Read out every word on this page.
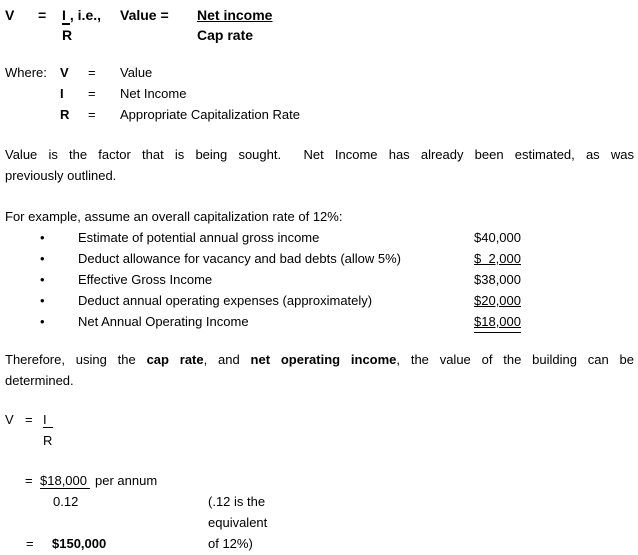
V	=	I , i.e.,
R
Value =	$\frac{\text{Net income}}{\text{Cap rate}}$
Where:	V	=	Value
I	=	Net Income
R	=	Appropriate Capitalization Rate
Value is the factor that is being sought.  Net Income has already been estimated, as was
previously outlined.
For example, assume an overall capitalization rate of 12%:
•	Estimate of potential annual gross income	$40,000
•	Deduct allowance for vacancy and bad debts (allow 5%)	$  2,000
•	Effective Gross Income	$38,000
•	Deduct annual operating expenses (approximately)	$20,000
•	Net Annual Operating Income	$18,000
Therefore, using the cap rate, and net operating income, the value of the building can be
determined.
V = I
R
= $18,000 per annum
0.12	(.12 is the equivalent of 12%)
= $150,000
